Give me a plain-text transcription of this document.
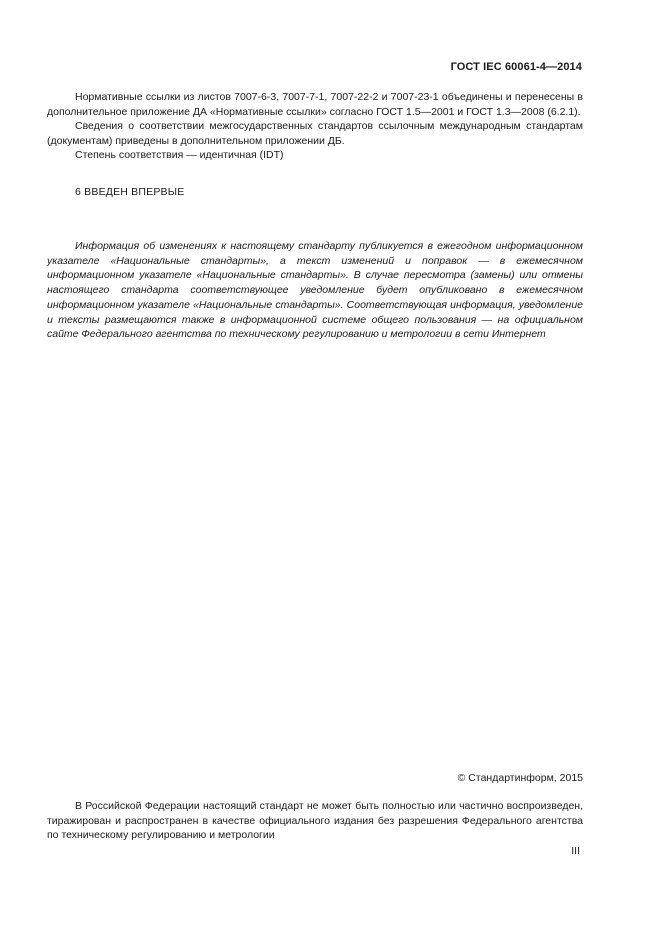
ГОСТ IEC 60061-4—2014

Нормативные ссылки из листов 7007-6-3, 7007-7-1, 7007-22-2 и 7007-23-1 объединены и перенесены в дополнительное приложение ДА «Нормативные ссылки» согласно ГОСТ 1.5—2001 и ГОСТ 1.3—2008 (6.2.1).

Сведения о соответствии межгосударственных стандартов ссылочным международным стандартам (документам) приведены в дополнительном приложении ДБ.

Степень соответствия — идентичная (IDT)

6 ВВЕДЕН ВПЕРВЫЕ

Информация об изменениях к настоящему стандарту публикуется в ежегодном информационном указателе «Национальные стандарты», а текст изменений и поправок — в ежемесячном информационном указателе «Национальные стандарты». В случае пересмотра (замены) или отмены настоящего стандарта соответствующее уведомление будет опубликовано в ежемесячном информационном указателе «Национальные стандарты». Соответствующая информация, уведомление и тексты размещаются также в информационной системе общего пользования — на официальном сайте Федерального агентства по техническому регулированию и метрологии в сети Интернет

© Стандартинформ, 2015

В Российской Федерации настоящий стандарт не может быть полностью или частично воспроизведен, тиражирован и распространен в качестве официального издания без разрешения Федерального агентства по техническому регулированию и метрологии

III
